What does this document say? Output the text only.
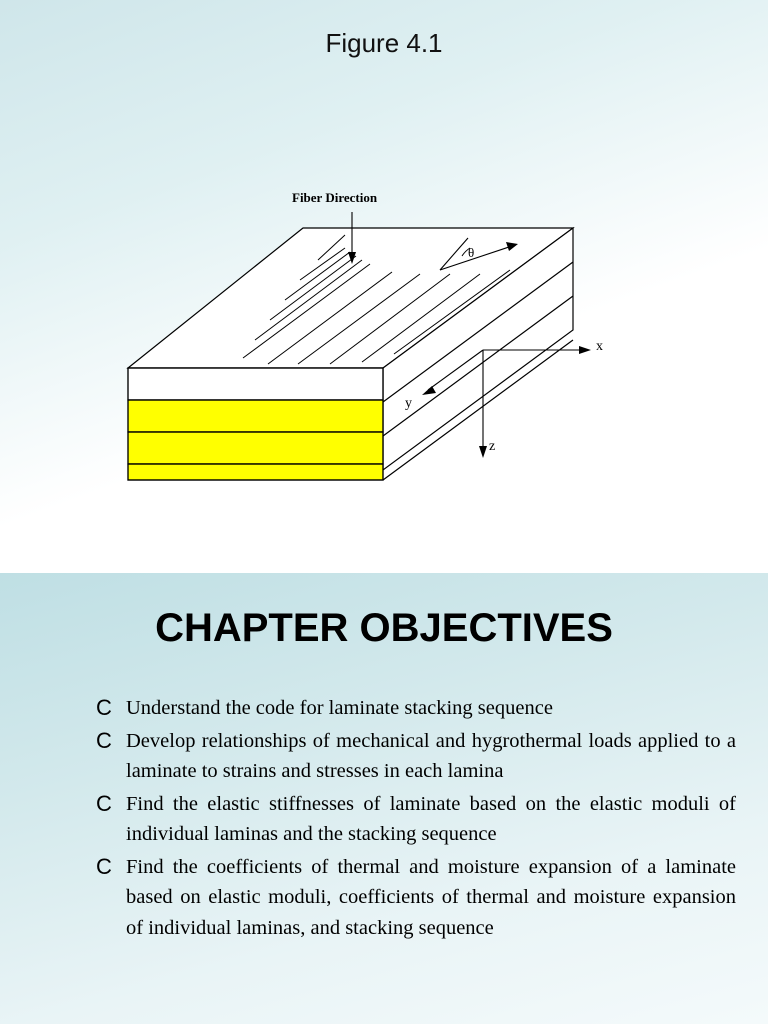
Figure 4.1
Fiber Direction
x
y
z
θ
CHAPTER OBJECTIVES
C Understand the code for laminate stacking sequence
C Develop relationships of mechanical and hygrothermal loads applied to a laminate to strains and stresses in each lamina
C Find the elastic stiffnesses of laminate based on the elastic moduli of individual laminas and the stacking sequence
C Find the coefficients of thermal and moisture expansion of a laminate based on elastic moduli, coefficients of thermal and moisture expansion of individual laminas, and stacking sequence
